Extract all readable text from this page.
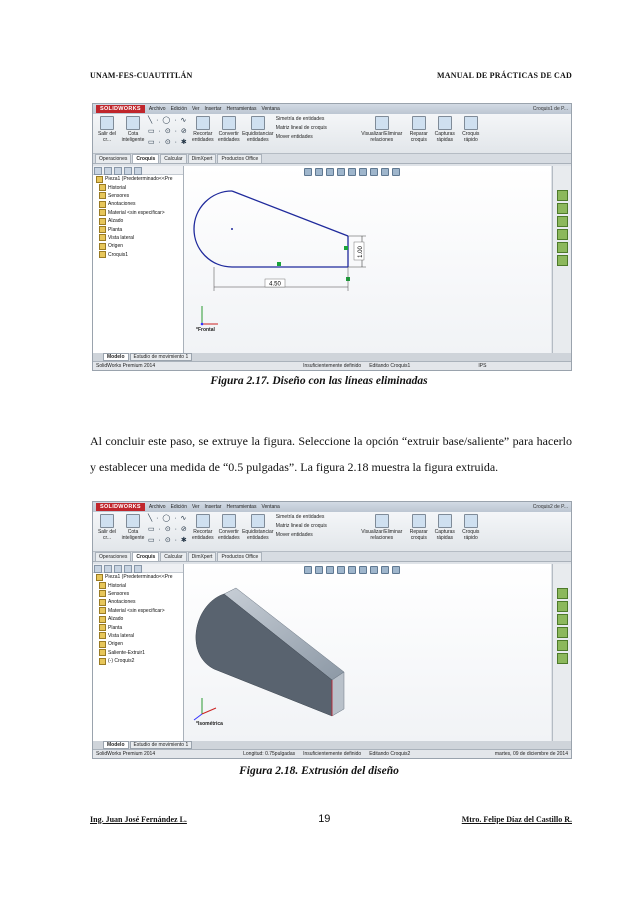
UNAM-FES-CUAUTITLÁN	MANUAL DE PRÁCTICAS DE CAD
SOLIDWORKS	Archivo Edición Ver Insertar Herramientas Ventana	Croquis1 de P...
Salir del cr...
Cota inteligente
╲ · ◯ · ∿
▭ · ⊙ · ⊘
▭ · ⊙ · ✱
Recortar entidades
Convertir entidades
Equidistanciar entidades
Simetría de entidades
Matriz lineal de croquis
Mover entidades	Visualizar/Eliminar relaciones
Reparar croquis
Capturas rápidas
Croquis rápido
Operaciones	Croquis	Calcular	DimXpert	Productos Office
Pieza1 (Predeterminado<<Pre
Historial
Sensores
Anotaciones
Material <sin especificar>
Alzado
Planta
Vista lateral
Origen
Croquis1	1.00
4.50
*Frontal
Modelo	Estudio de movimiento 1
SolidWorks Premium 2014	Insuficientemente definido Editando Croquis1	IPS
Figura 2.17. Diseño con las líneas eliminadas
Al concluir este paso, se extruye la figura. Seleccione la opción “extruir base/saliente” para hacerlo y establecer una medida de “0.5 pulgadas”. La figura 2.18 muestra la figura extruida.
SOLIDWORKS	Archivo Edición Ver Insertar Herramientas Ventana	Croquis2 de P...
Salir del cr...
Cota inteligente
╲ · ◯ · ∿
▭ · ⊙ · ⊘
▭ · ⊙ · ✱
Recortar entidades
Convertir entidades
Equidistanciar entidades
Simetría de entidades
Matriz lineal de croquis
Mover entidades	Visualizar/Eliminar relaciones
Reparar croquis
Capturas rápidas
Croquis rápido
Operaciones	Croquis	Calcular	DimXpert	Productos Office
Pieza1 (Predeterminado<<Pre
Historial
Sensores
Anotaciones
Material <sin especificar>
Alzado
Planta
Vista lateral
Origen
Saliente-Extruir1
(-) Croquis2
*Isométrica
Modelo	Estudio de movimiento 1
SolidWorks Premium 2014	Longitud: 0.75pulgadas Insuficientemente definido Editando Croquis2	martes, 09 de diciembre de 2014
Figura 2.18. Extrusión del diseño
Ing. Juan José Fernández L.	19	Mtro. Felipe Díaz del Castillo R.
